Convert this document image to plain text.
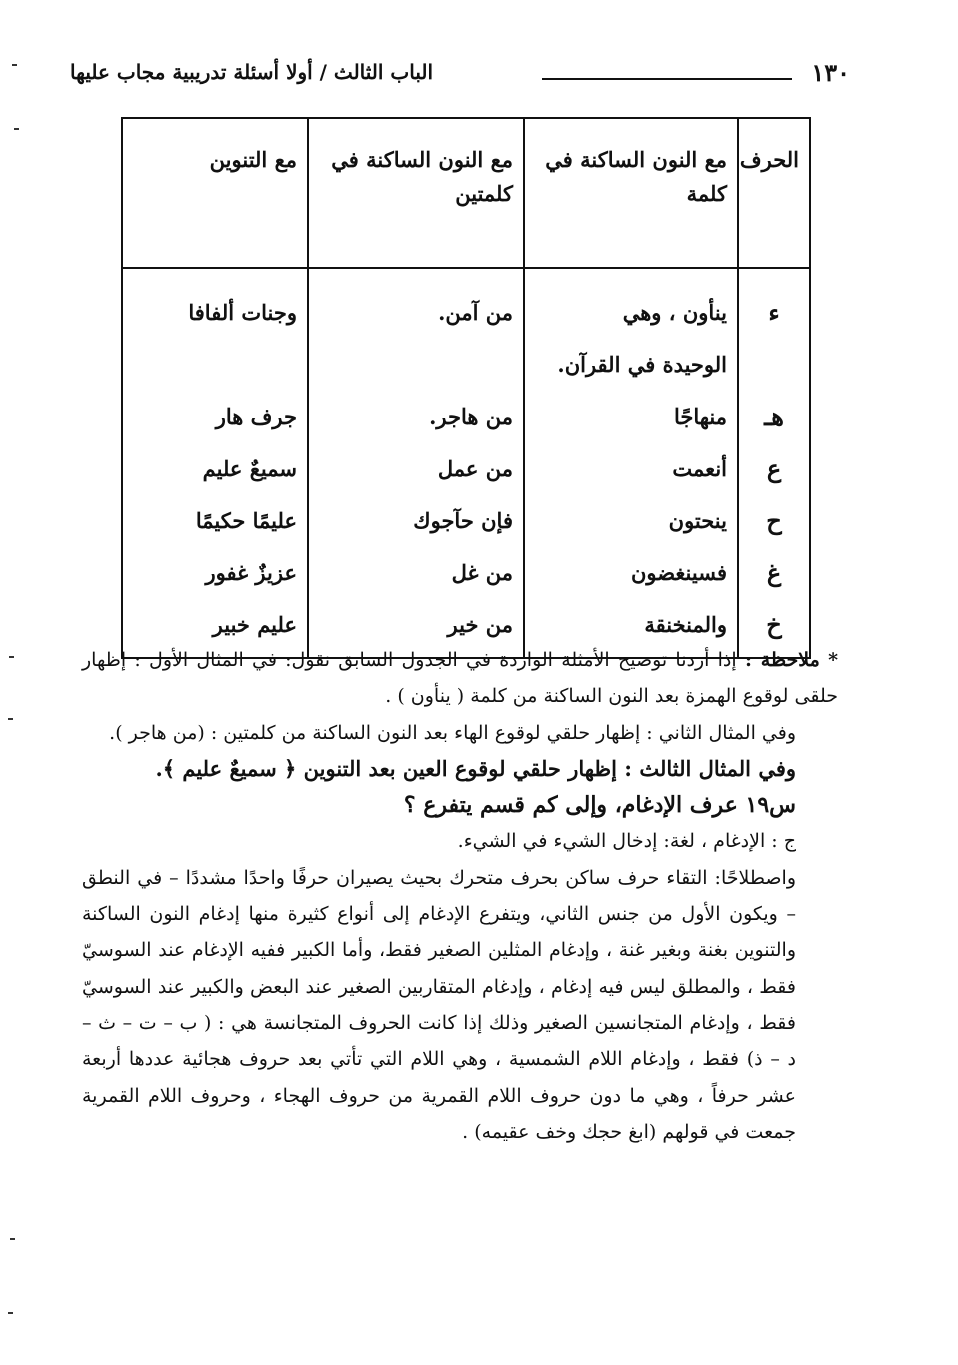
١٣٠
الباب الثالث / أولا أسئلة تدريبية مجاب عليها
الحرف	مع النون الساكنة في كلمة	مع النون الساكنة في كلمتين	مع التنوين
ء	ينأون ، وهي	من آمن.	وجنات ألفافا
	الوحيدة في القرآن.		
هـ	منهاجًا	من هاجر.	جرف هار
ع	أنعمت	من عمل	سميعٌ عليم
ح	ينحتون	فإن حآجوك	عليمًا حكيمًا
غ	فسينغضون	من غل	عزيزٌ غفور
خ	والمنخنقة	من خير	عليم خبير

* ملاحظة : إذا أردنا توضيح الأمثلة الواردة في الجدول السابق نقول: في المثال الأول : إظهار حلقى لوقوع الهمزة بعد النون الساكنة من كلمة ( ينأون ) .

وفي المثال الثاني : إظهار حلقي لوقوع الهاء بعد النون الساكنة من كلمتين : (من هاجر ).

وفي المثال الثالث : إظهار حلقي لوقوع العين بعد التنوين ﴿ سميعٌ عليم ﴾.

س١٩ عرف الإدغام، وإلى كم قسم يتفرع ؟

ج : الإدغام ، لغة: إدخال الشيء في الشيء.

واصطلاحًا: التقاء حرف ساكن بحرف متحرك بحيث يصيران حرفًا واحدًا مشددًا – في النطق – ويكون الأول من جنس الثاني، ويتفرع الإدغام إلى أنواع كثيرة منها إدغام النون الساكنة والتنوين بغنة وبغير غنة ، وإدغام المثلين الصغير فقط، وأما الكبير ففيه الإدغام عند السوسيّ فقط ، والمطلق ليس فيه إدغام ، وإدغام المتقاربين الصغير عند البعض والكبير عند السوسيّ فقط ، وإدغام المتجانسين الصغير وذلك إذا كانت الحروف المتجانسة هي : ( ب – ت – ث – د – ذ) فقط ، وإدغام اللام الشمسية ، وهي اللام التي تأتي بعد حروف هجائية عددها أربعة عشر حرفاً ، وهي ما دون حروف اللام القمرية من حروف الهجاء ، وحروف اللام القمرية جمعت في قولهم (ابغ حجك وخف عقيمه) .
